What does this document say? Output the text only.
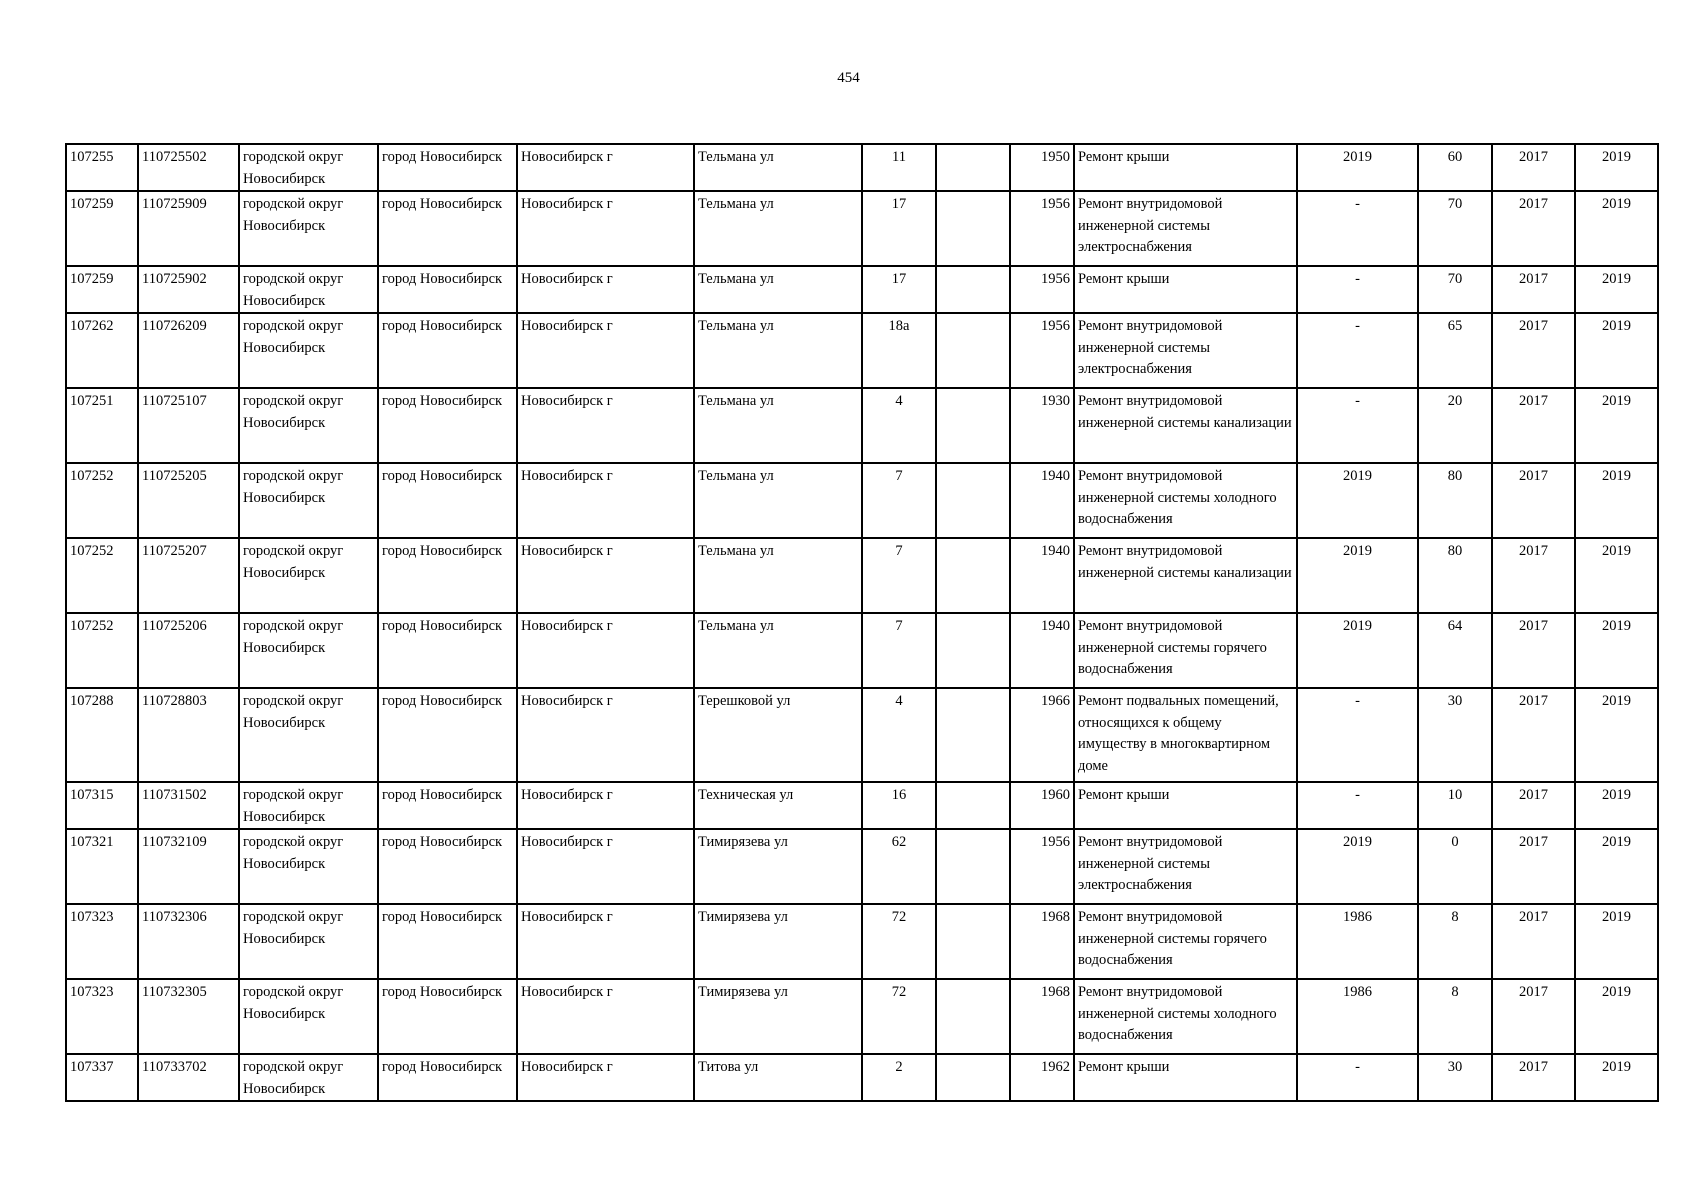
454
107255	110725502	городской округ Новосибирск	город Новосибирск	Новосибирск г	Тельмана ул	11		1950	Ремонт крыши	2019	60	2017	2019
107259	110725909	городской округ Новосибирск	город Новосибирск	Новосибирск г	Тельмана ул	17		1956	Ремонт внутридомовой инженерной системы электроснабжения	-	70	2017	2019
107259	110725902	городской округ Новосибирск	город Новосибирск	Новосибирск г	Тельмана ул	17		1956	Ремонт крыши	-	70	2017	2019
107262	110726209	городской округ Новосибирск	город Новосибирск	Новосибирск г	Тельмана ул	18а		1956	Ремонт внутридомовой инженерной системы электроснабжения	-	65	2017	2019
107251	110725107	городской округ Новосибирск	город Новосибирск	Новосибирск г	Тельмана ул	4		1930	Ремонт внутридомовой инженерной системы канализации	-	20	2017	2019
107252	110725205	городской округ Новосибирск	город Новосибирск	Новосибирск г	Тельмана ул	7		1940	Ремонт внутридомовой инженерной системы холодного водоснабжения	2019	80	2017	2019
107252	110725207	городской округ Новосибирск	город Новосибирск	Новосибирск г	Тельмана ул	7		1940	Ремонт внутридомовой инженерной системы канализации	2019	80	2017	2019
107252	110725206	городской округ Новосибирск	город Новосибирск	Новосибирск г	Тельмана ул	7		1940	Ремонт внутридомовой инженерной системы горячего водоснабжения	2019	64	2017	2019
107288	110728803	городской округ Новосибирск	город Новосибирск	Новосибирск г	Терешковой ул	4		1966	Ремонт подвальных помещений, относящихся к общему имуществу в многоквартирном доме	-	30	2017	2019
107315	110731502	городской округ Новосибирск	город Новосибирск	Новосибирск г	Техническая ул	16		1960	Ремонт крыши	-	10	2017	2019
107321	110732109	городской округ Новосибирск	город Новосибирск	Новосибирск г	Тимирязева ул	62		1956	Ремонт внутридомовой инженерной системы электроснабжения	2019	0	2017	2019
107323	110732306	городской округ Новосибирск	город Новосибирск	Новосибирск г	Тимирязева ул	72		1968	Ремонт внутридомовой инженерной системы горячего водоснабжения	1986	8	2017	2019
107323	110732305	городской округ Новосибирск	город Новосибирск	Новосибирск г	Тимирязева ул	72		1968	Ремонт внутридомовой инженерной системы холодного водоснабжения	1986	8	2017	2019
107337	110733702	городской округ Новосибирск	город Новосибирск	Новосибирск г	Титова ул	2		1962	Ремонт крыши	-	30	2017	2019
